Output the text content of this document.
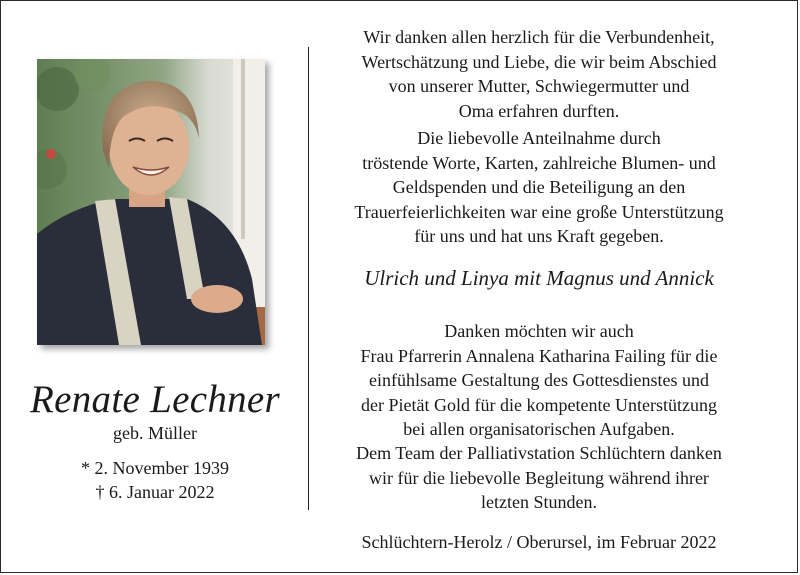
Renate Lechner
geb. Müller
* 2. November 1939
† 6. Januar 2022
Wir danken allen herzlich für die Verbundenheit,
Wertschätzung und Liebe, die wir beim Abschied
von unserer Mutter, Schwiegermutter und
Oma erfahren durften.
Die liebevolle Anteilnahme durch
tröstende Worte, Karten, zahlreiche Blumen- und
Geldspenden und die Beteiligung an den
Trauerfeierlichkeiten war eine große Unterstützung
für uns und hat uns Kraft gegeben.
Ulrich und Linya mit Magnus und Annick
Danken möchten wir auch
Frau Pfarrerin Annalena Katharina Failing für die
einfühlsame Gestaltung des Gottesdienstes und
der Pietät Gold für die kompetente Unterstützung
bei allen organisatorischen Aufgaben.
Dem Team der Palliativstation Schlüchtern danken
wir für die liebevolle Begleitung während ihrer
letzten Stunden.
Schlüchtern-Herolz / Oberursel, im Februar 2022
